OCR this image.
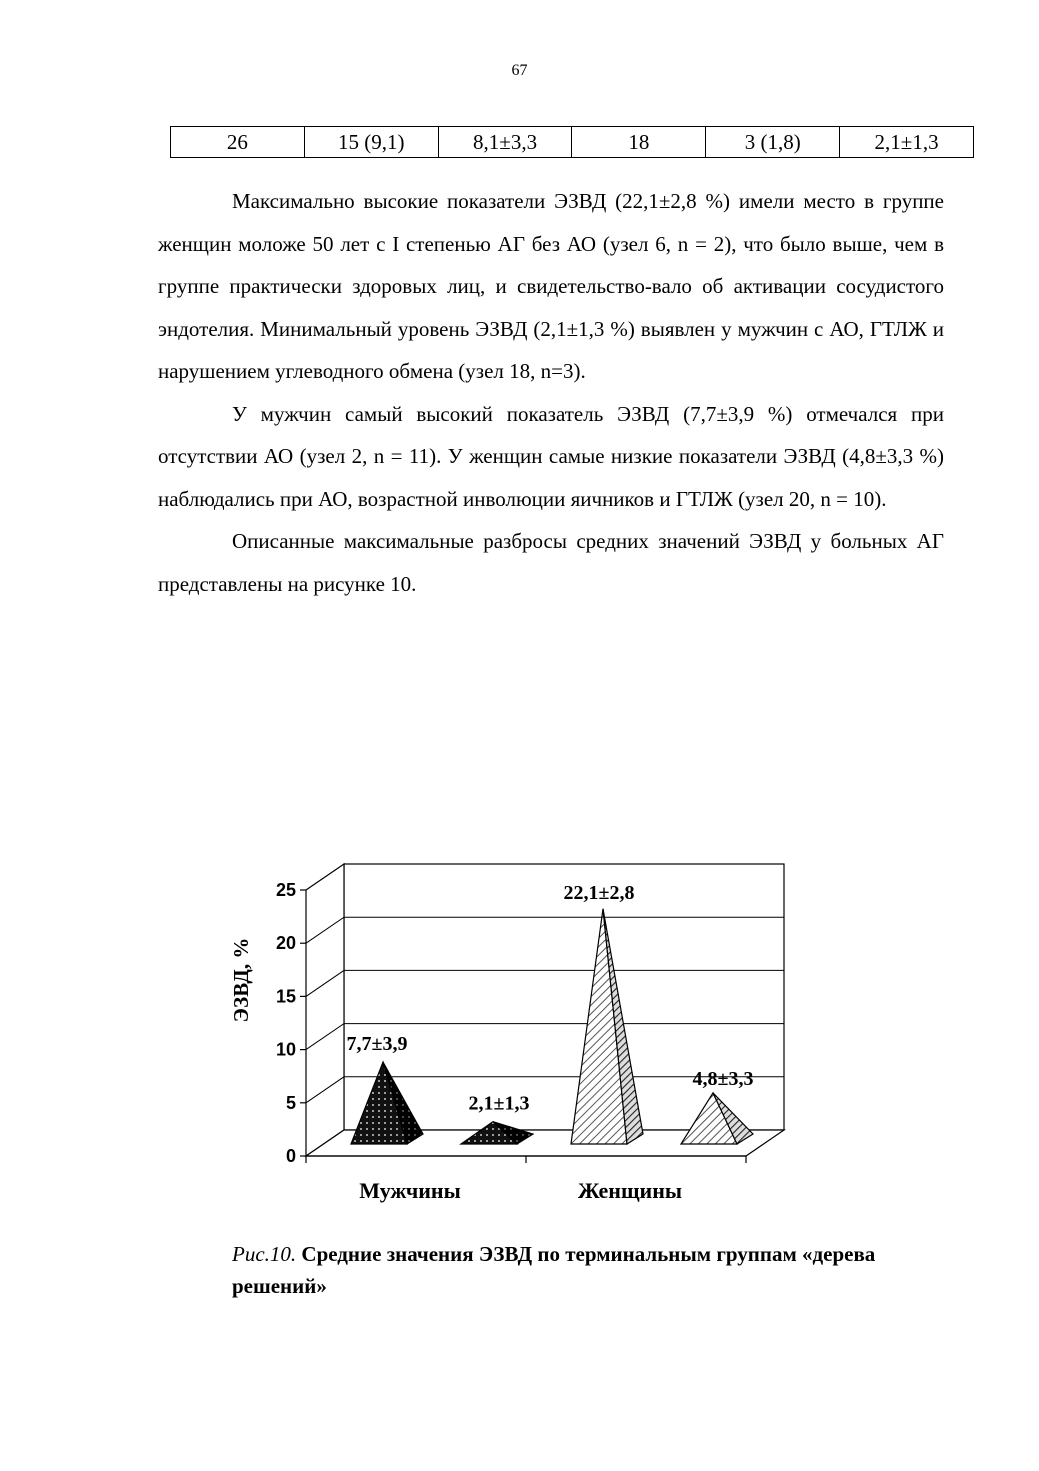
67
26	15 (9,1)	8,1±3,3	18	3 (1,8)	2,1±1,3

Максимально высокие показатели ЭЗВД (22,1±2,8 %) имели место в группе женщин моложе 50 лет с I степенью АГ без АО (узел 6, n = 2), что было выше, чем в группе практически здоровых лиц, и свидетельство-вало об активации сосудистого эндотелия. Минимальный уровень ЭЗВД (2,1±1,3 %) выявлен у мужчин с АО, ГТЛЖ и нарушением углеводного обмена (узел 18, n=3).

У мужчин самый высокий показатель ЭЗВД (7,7±3,9 %) отмечался при отсутствии АО (узел 2, n = 11). У женщин самые низкие показатели ЭЗВД (4,8±3,3 %) наблюдались при АО, возрастной инволюции яичников и ГТЛЖ (узел 20, n = 10).

Описанные максимальные разбросы средних значений ЭЗВД у больных АГ представлены на рисунке 10.

0
5
10
15
20
25
Мужчины	Женщины
7,7±3,9
2,1±1,3
22,1±2,8
4,8±3,3
ЭЗВД, %
Рис.10. Средние значения ЭЗВД по терминальным группам «дерева решений»
